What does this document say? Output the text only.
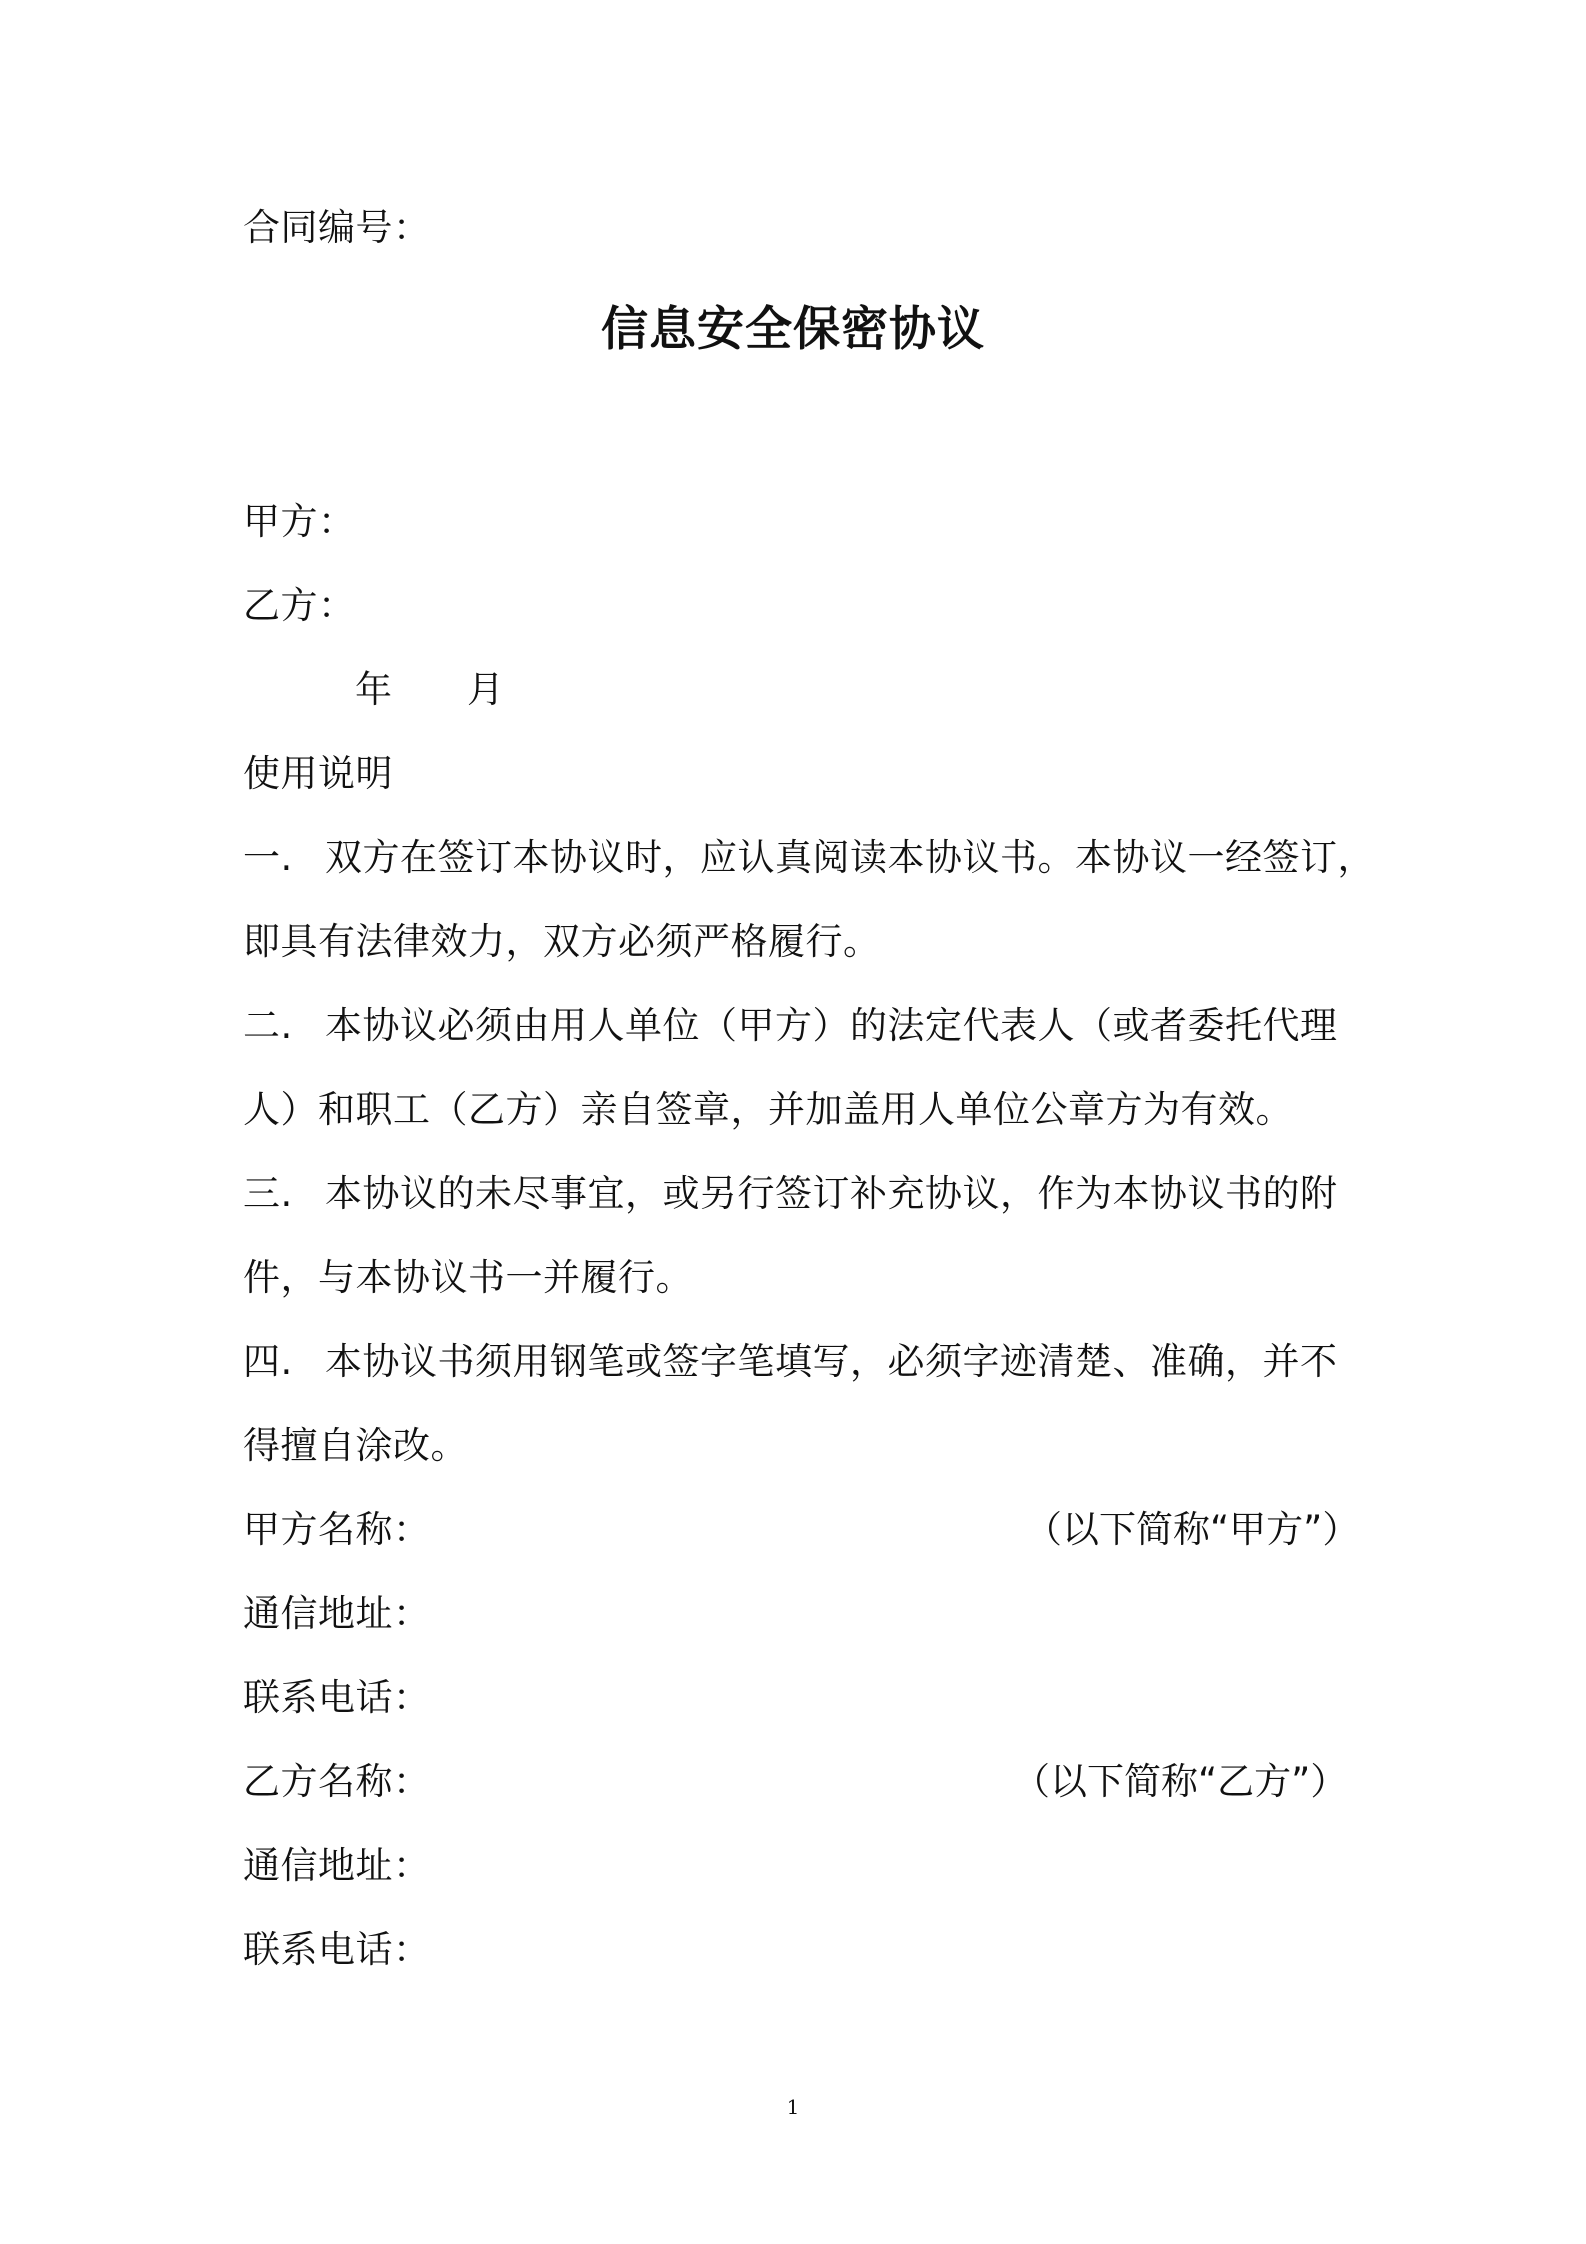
合同编号：
信息安全保密协议
甲方：
乙方：
年 月
使用说明
一. 双方在签订本协议时，应认真阅读本协议书。本协议一经签订，
即具有法律效力，双方必须严格履行。
二. 本协议必须由用人单位（甲方）的法定代表人（或者委托代理
人）和职工（乙方）亲自签章，并加盖用人单位公章方为有效。
三. 本协议的未尽事宜，或另行签订补充协议，作为本协议书的附
件，与本协议书一并履行。
四. 本协议书须用钢笔或签字笔填写，必须字迹清楚、准确，并不
得擅自涂改。
甲方名称：	（以下简称“甲方”）
通信地址：
联系电话：
乙方名称：	（以下简称“乙方”）
通信地址：
联系电话：
1
